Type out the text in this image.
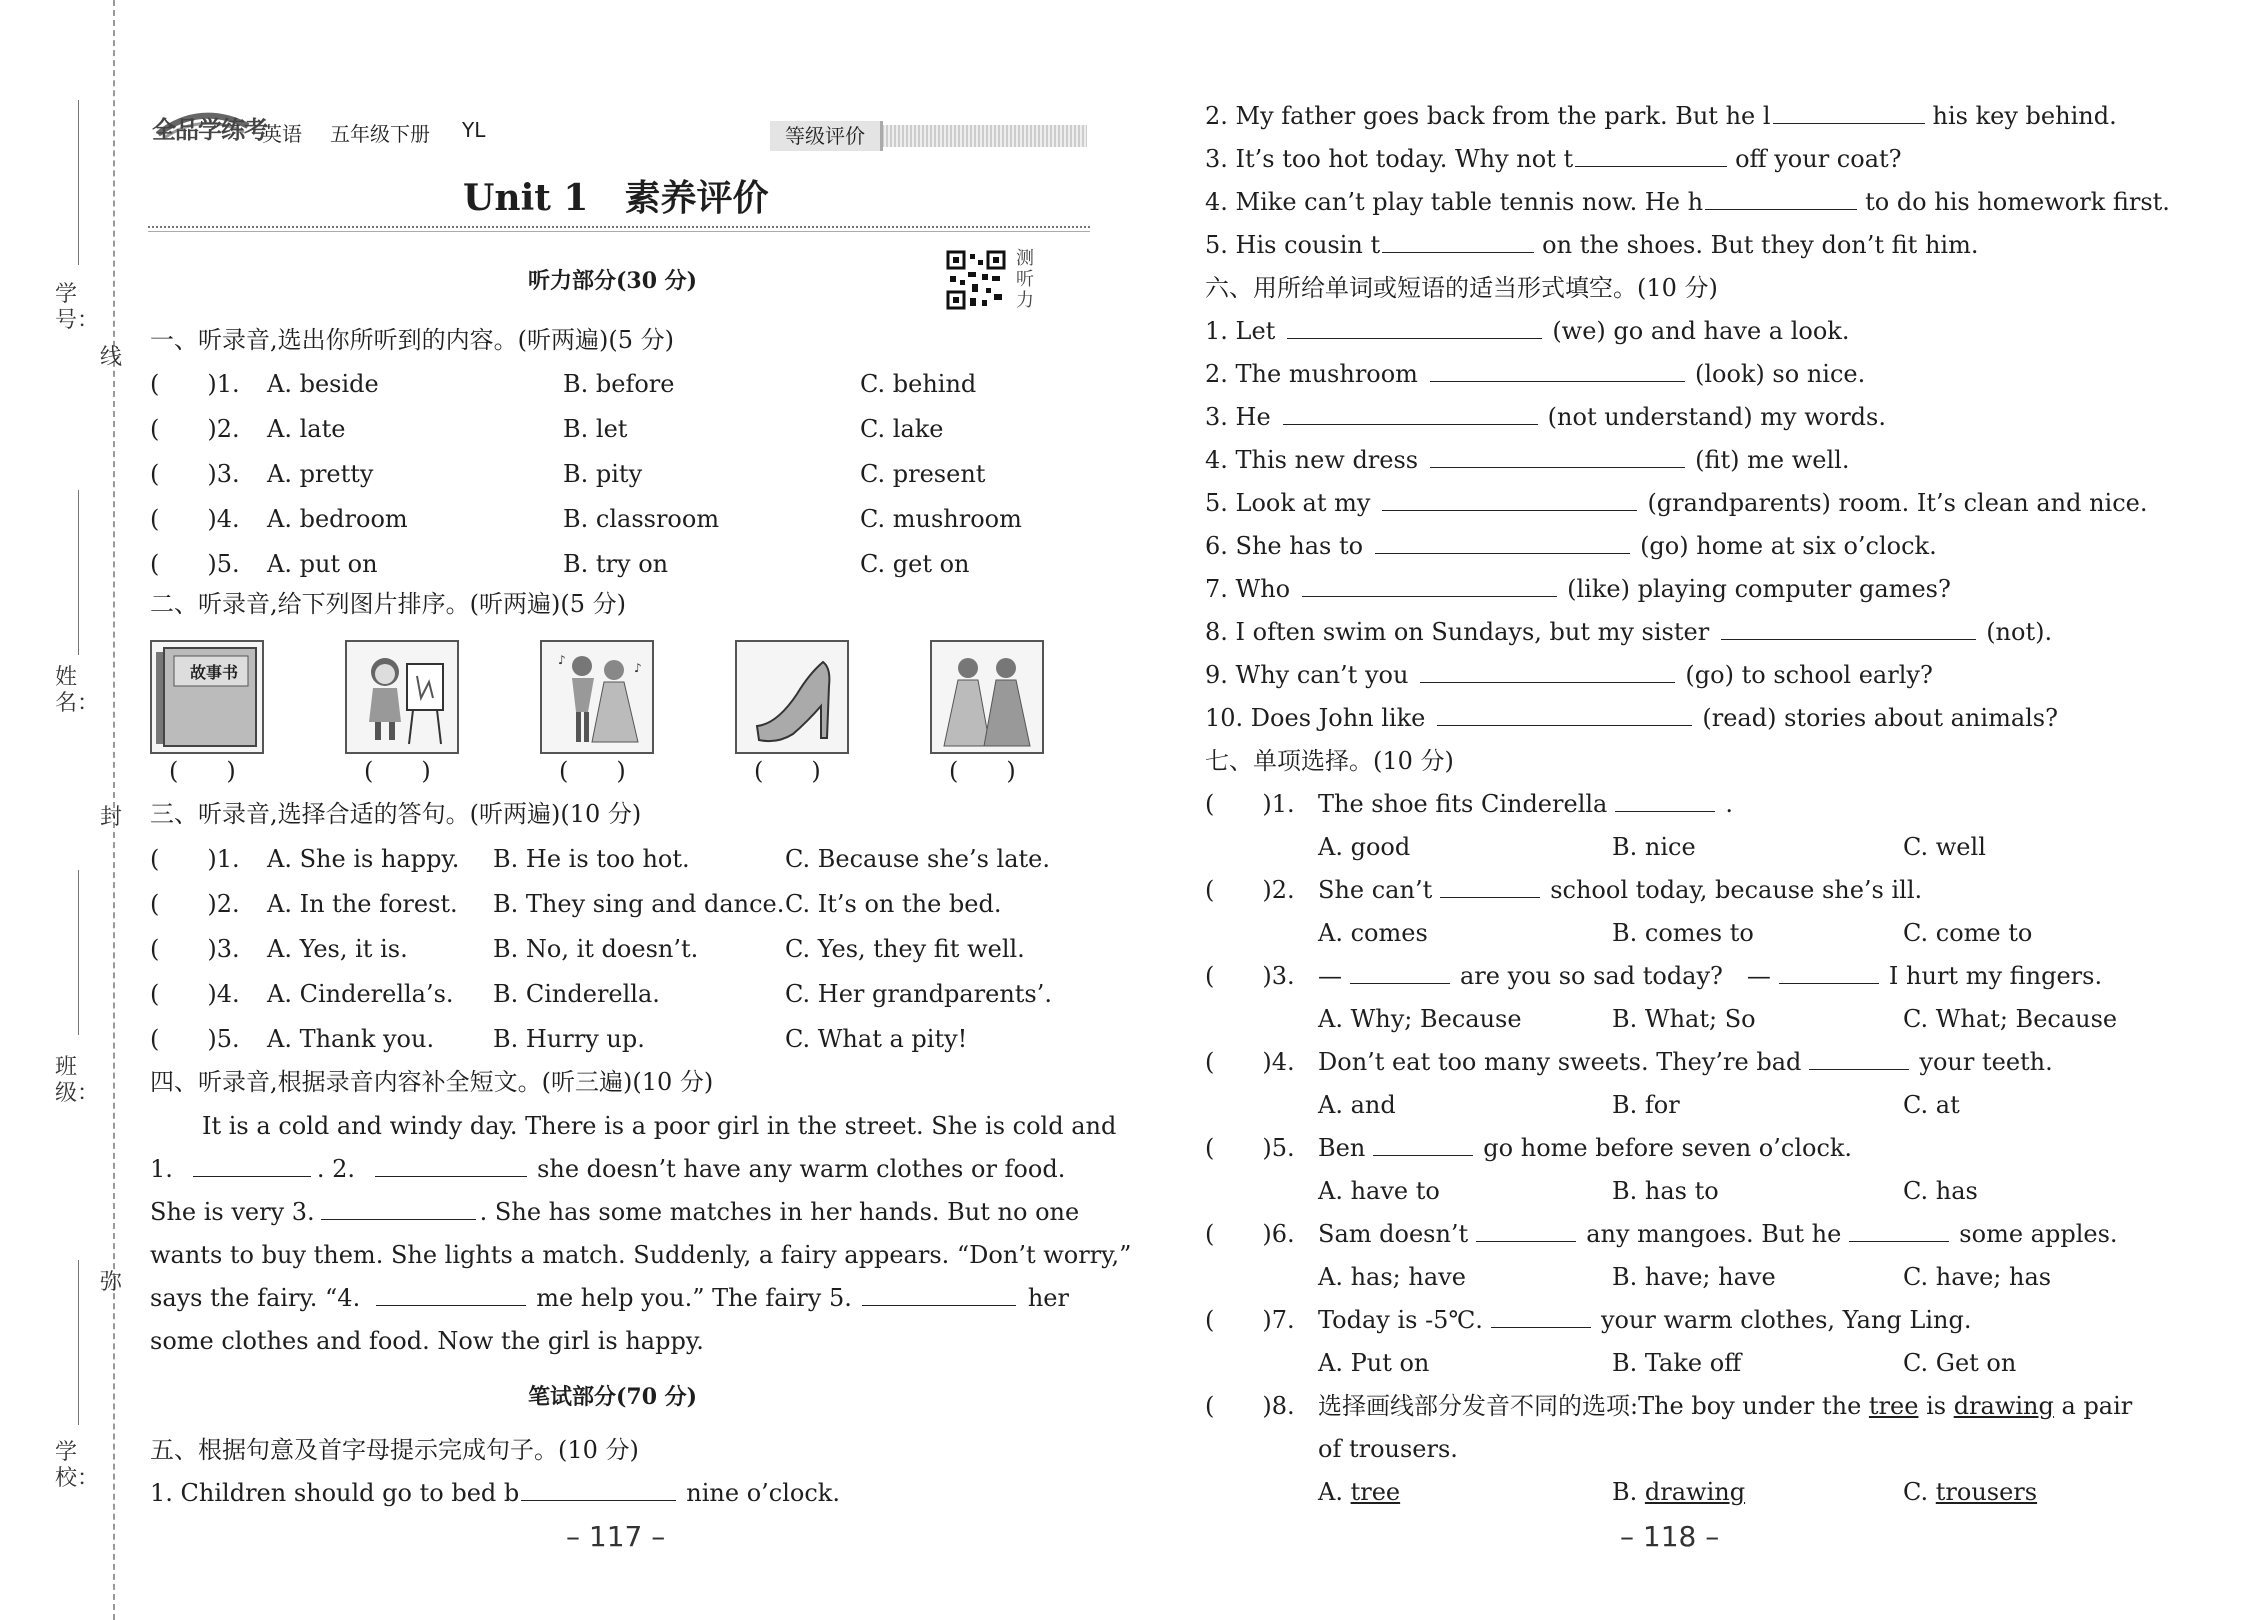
学号：
线
姓名：
封
班级：
弥
学校：
全品学练考
英语 五年级下册 YL	等级评价
Unit 1　素养评价
听力部分(30 分)
测听力
一、听录音,选出你所听到的内容。(听两遍)(5 分)
(　　)1. A. beside	B. before	C. behind
(　　)2. A. late	B. let	C. lake
(　　)3. A. pretty	B. pity	C. present
(　　)4. A. bedroom	B. classroom	C. mushroom
(　　)5. A. put on	B. try on	C. get on
二、听录音,给下列图片排序。(听两遍)(5 分)
故事书
♪
♪
(　　)	(　　)	(　　)	(　　)	(　　)
三、听录音,选择合适的答句。(听两遍)(10 分)
(　　)1. A. She is happy. B. He is too hot.	C. Because she’s late.
(　　)2. A. In the forest. B. They sing and dance. C. It’s on the bed.
(　　)3. A. Yes, it is.	B. No, it doesn’t.	C. Yes, they fit well.
(　　)4. A. Cinderella’s. B. Cinderella.	C. Her grandparents’.
(　　)5. A. Thank you. B. Hurry up.	C. What a pity!
四、听录音,根据录音内容补全短文。(听三遍)(10 分)
It is a cold and windy day. There is a poor girl in the street. She is cold and
1.	. 2.	she doesn’t have any warm clothes or food.
She is very 3.	. She has some matches in her hands. But no one
wants to buy them. She lights a match. Suddenly, a fairy appears. “Don’t worry,”
says the fairy. “4.	me help you.” The fairy 5.	her
some clothes and food. Now the girl is happy.
笔试部分(70 分)
五、根据句意及首字母提示完成句子。(10 分)
1. Children should go to bed b	nine o’clock.
– 117 –
2. My father goes back from the park. But he l	his key behind.
3. It’s too hot today. Why not t	off your coat?
4. Mike can’t play table tennis now. He h	to do his homework first.
5. His cousin t	on the shoes. But they don’t fit him.
六、用所给单词或短语的适当形式填空。(10 分)
1. Let	(we) go and have a look.
2. The mushroom	(look) so nice.
3. He	(not understand) my words.
4. This new dress	(fit) me well.
5. Look at my	(grandparents) room. It’s clean and nice.
6. She has to	(go) home at six o’clock.
7. Who	(like) playing computer games?
8. I often swim on Sundays, but my sister	(not).
9. Why can’t you	(go) to school early?
10. Does John like	(read) stories about animals?
七、单项选择。(10 分)
(　　)1. The shoe fits Cinderella	.
A. good	B. nice	C. well
(　　)2. She can’t	school today, because she’s ill.
A. comes	B. comes to	C. come to
(　　)3. —	are you so sad today?　—	I hurt my fingers.
A. Why; Because	B. What; So	C. What; Because
(　　)4. Don’t eat too many sweets. They’re bad	your teeth.
A. and	B. for	C. at
(　　)5. Ben	go home before seven o’clock.
A. have to	B. has to	C. has
(　　)6. Sam doesn’t	any mangoes. But he	some apples.
A. has; have	B. have; have	C. have; has
(　　)7. Today is -5℃.	your warm clothes, Yang Ling.
A. Put on	B. Take off	C. Get on
(　　)8. 选择画线部分发音不同的选项:The boy under the tree is drawing a pair
of trousers.
A. tree	B. drawing	C. trousers
– 118 –
